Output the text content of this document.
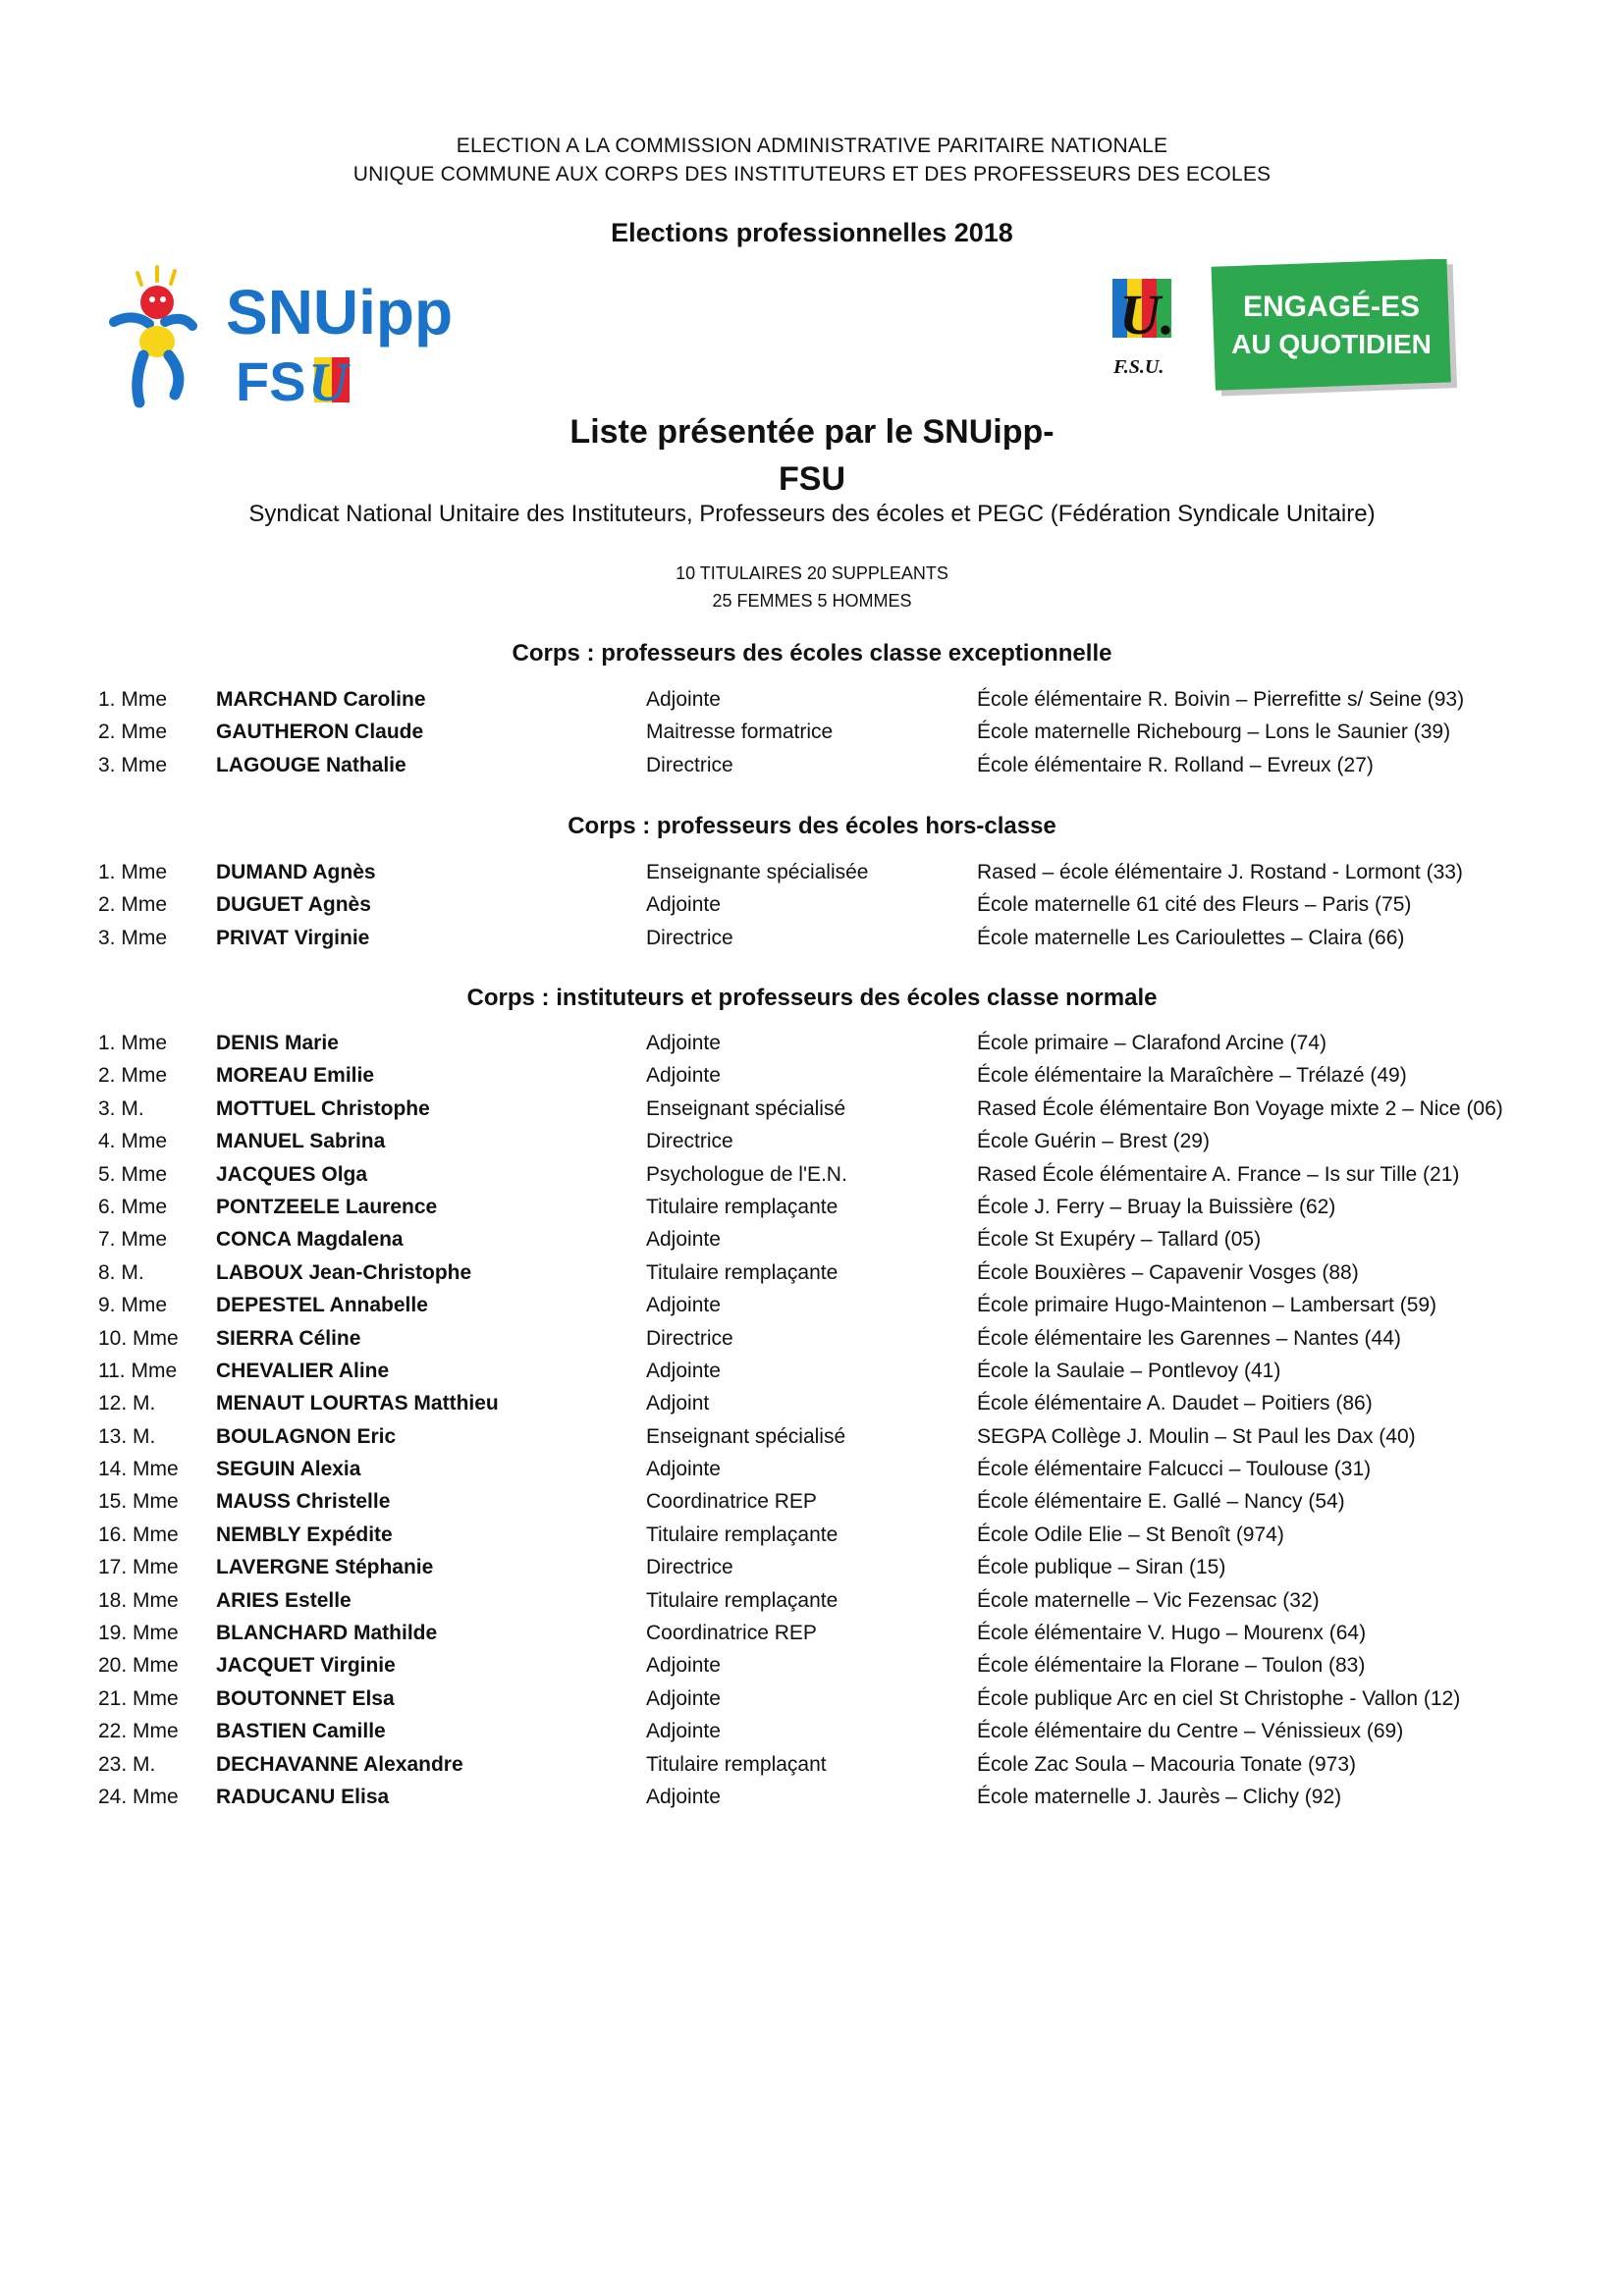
ELECTION A LA COMMISSION ADMINISTRATIVE PARITAIRE NATIONALE
UNIQUE COMMUNE AUX CORPS DES INSTITUTEURS ET DES PROFESSEURS DES ECOLES
Elections professionnelles 2018
SNUipp
FS U
U.
F.S.U.
ENGAGÉ-ES
AU QUOTIDIEN
Liste présentée par le SNUipp-
FSU
Syndicat National Unitaire des Instituteurs, Professeurs des écoles et PEGC (Fédération Syndicale Unitaire)
10 TITULAIRES 20 SUPPLEANTS
25 FEMMES 5 HOMMES
Corps : professeurs des écoles classe exceptionnelle
1. Mme MARCHAND Caroline	Adjointe	École élémentaire R. Boivin – Pierrefitte s/ Seine (93)
2. Mme GAUTHERON Claude	Maitresse formatrice	École maternelle Richebourg – Lons le Saunier (39)
3. Mme LAGOUGE Nathalie	Directrice	École élémentaire R. Rolland – Evreux (27)
Corps : professeurs des écoles hors-classe
1. Mme DUMAND Agnès	Enseignante spécialisée	Rased – école élémentaire J. Rostand - Lormont (33)
2. Mme DUGUET Agnès	Adjointe	École maternelle 61 cité des Fleurs – Paris (75)
3. Mme PRIVAT Virginie	Directrice	École maternelle Les Carioulettes – Claira (66)
Corps : instituteurs et professeurs des écoles classe normale
1. Mme DENIS Marie	Adjointe	École primaire – Clarafond Arcine (74)
2. Mme MOREAU Emilie	Adjointe	École élémentaire la Maraîchère – Trélazé (49)
3. M.	MOTTUEL Christophe	Enseignant spécialisé	Rased École élémentaire Bon Voyage mixte 2 – Nice (06)
4. Mme MANUEL Sabrina	Directrice	École Guérin – Brest (29)
5. Mme JACQUES Olga	Psychologue de l'E.N.	Rased École élémentaire A. France – Is sur Tille (21)
6. Mme PONTZEELE Laurence	Titulaire remplaçante	École J. Ferry – Bruay la Buissière (62)
7. Mme CONCA Magdalena	Adjointe	École St Exupéry – Tallard (05)
8. M.	LABOUX Jean-Christophe	Titulaire remplaçante	École Bouxières – Capavenir Vosges (88)
9. Mme DEPESTEL Annabelle	Adjointe	École primaire Hugo-Maintenon – Lambersart (59)
10. Mme SIERRA Céline	Directrice	École élémentaire les Garennes – Nantes (44)
11. Mme CHEVALIER Aline	Adjointe	École la Saulaie – Pontlevoy (41)
12. M.	MENAUT LOURTAS Matthieu	Adjoint	École élémentaire A. Daudet – Poitiers (86)
13. M.	BOULAGNON Eric	Enseignant spécialisé	SEGPA Collège J. Moulin – St Paul les Dax (40)
14. Mme SEGUIN Alexia	Adjointe	École élémentaire Falcucci – Toulouse (31)
15. Mme MAUSS Christelle	Coordinatrice REP	École élémentaire E. Gallé – Nancy (54)
16. Mme NEMBLY Expédite	Titulaire remplaçante	École Odile Elie – St Benoît (974)
17. Mme LAVERGNE Stéphanie	Directrice	École publique – Siran (15)
18. Mme ARIES Estelle	Titulaire remplaçante	École maternelle – Vic Fezensac (32)
19. Mme BLANCHARD Mathilde	Coordinatrice REP	École élémentaire V. Hugo – Mourenx (64)
20. Mme JACQUET Virginie	Adjointe	École élémentaire la Florane – Toulon (83)
21. Mme BOUTONNET Elsa	Adjointe	École publique Arc en ciel St Christophe - Vallon (12)
22. Mme BASTIEN Camille	Adjointe	École élémentaire du Centre – Vénissieux (69)
23. M.	DECHAVANNE Alexandre	Titulaire remplaçant	École Zac Soula – Macouria Tonate (973)
24. Mme RADUCANU Elisa	Adjointe	École maternelle J. Jaurès – Clichy (92)
